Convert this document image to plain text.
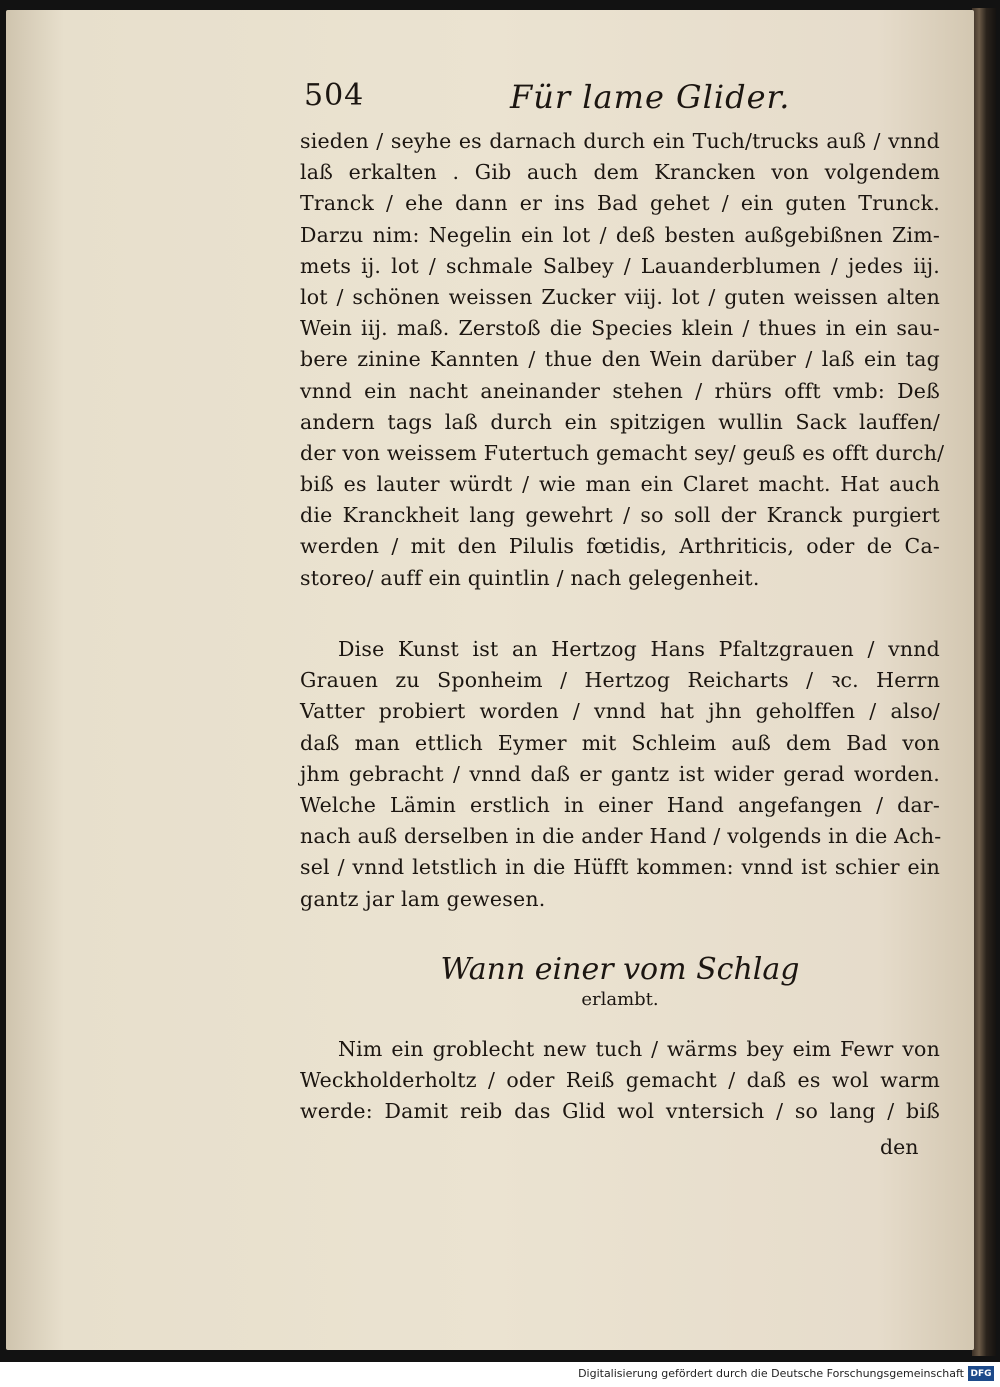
504	Für lame Glider.
sieden / seyhe es darnach durch ein Tuch/trucks auß / vnnd
laß erkalten . Gib auch dem Krancken von volgendem
Tranck / ehe dann er ins Bad gehet / ein guten Trunck.
Darzu nim: Negelin ein lot / deß besten außgebißnen Zim-
mets ij. lot / schmale Salbey / Lauanderblumen / jedes iij.
lot / schönen weissen Zucker viij. lot / guten weissen alten
Wein iij. maß. Zerstoß die Species klein / thues in ein sau-
bere zinine Kannten / thue den Wein darüber / laß ein tag
vnnd ein nacht aneinander stehen / rhürs offt vmb: Deß
andern tags laß durch ein spitzigen wullin Sack lauffen/
der von weissem Futertuch gemacht sey/ geuß es offt durch/
biß es lauter würdt / wie man ein Claret macht. Hat auch
die Kranckheit lang gewehrt / so soll der Kranck purgiert
werden / mit den Pilulis fœtidis, Arthriticis, oder de Ca-
storeo/ auff ein quintlin / nach gelegenheit.
Dise Kunst ist an Hertzog Hans Pfaltzgrauen / vnnd
Grauen zu Sponheim / Hertzog Reicharts / ꝛc. Herrn
Vatter probiert worden / vnnd hat jhn geholffen / also/
daß man ettlich Eymer mit Schleim auß dem Bad von
jhm gebracht / vnnd daß er gantz ist wider gerad worden.
Welche Lämin erstlich in einer Hand angefangen / dar-
nach auß derselben in die ander Hand / volgends in die Ach-
sel / vnnd letstlich in die Hüfft kommen: vnnd ist schier ein
gantz jar lam gewesen.
Wann einer vom Schlag
erlambt.
Nim ein groblecht new tuch / wärms bey eim Fewr von
Weckholderholtz / oder Reiß gemacht / daß es wol warm
werde: Damit reib das Glid wol vntersich / so lang / biß
den
Digitalisierung gefördert durch die Deutsche Forschungsgemeinschaft DFG
